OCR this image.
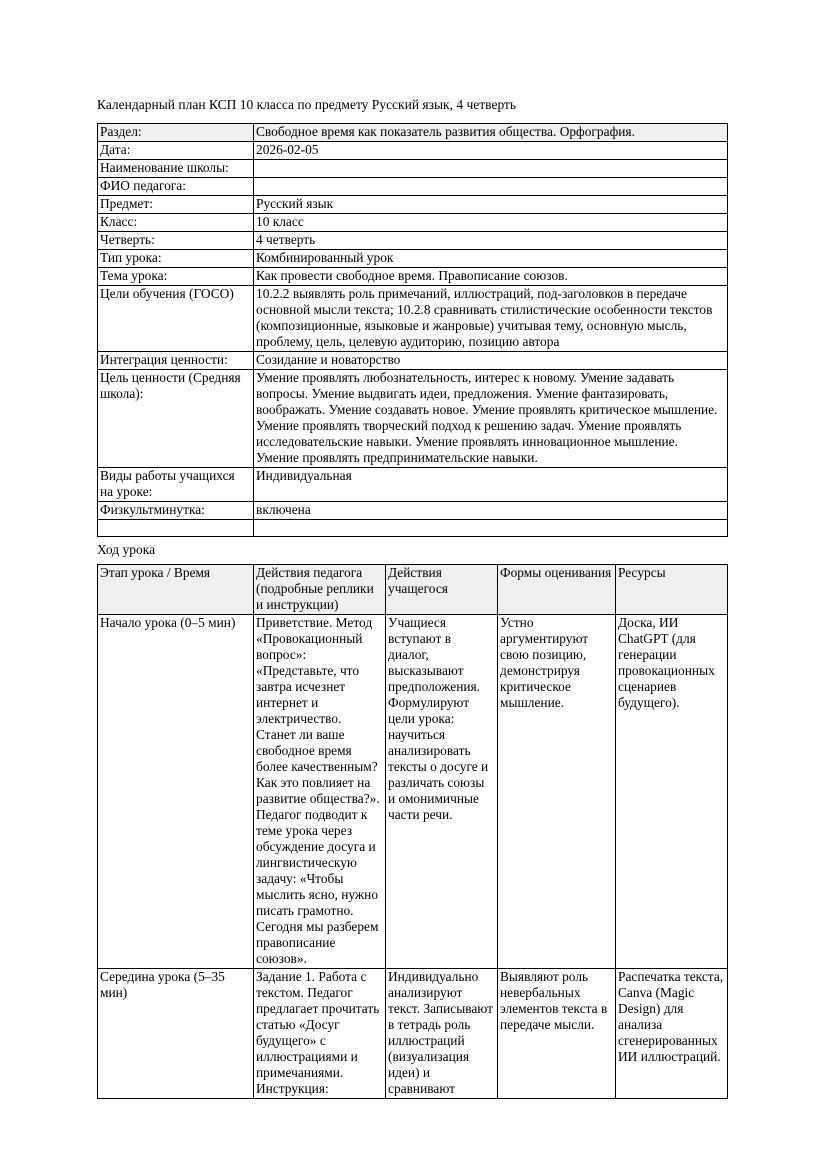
Календарный план КСП 10 класса по предмету Русский язык, 4 четверть

Раздел:	Свободное время как показатель развития общества. Орфография.
Дата:	2026-02-05
Наименование школы:	
ФИО педагога:	
Предмет:	Русский язык
Класс:	10 класс
Четверть:	4 четверть
Тип урока:	Комбинированный урок
Тема урока:	Как провести свободное время. Правописание союзов.
Цели обучения (ГОСО)	10.2.2 выявлять роль примечаний, иллюстраций, под-заголовков в передаче основной мысли текста; 10.2.8 сравнивать стилистические особенности текстов (композиционные, языковые и жанровые) учитывая тему, основную мысль, проблему, цель, целевую аудиторию, позицию автора
Интеграция ценности:	Созидание и новаторство
Цель ценности (Средняя школа):	Умение проявлять любознательность, интерес к новому. Умение задавать вопросы. Умение выдвигать идеи, предложения. Умение фантазировать, воображать. Умение создавать новое. Умение проявлять критическое мышление. Умение проявлять творческий подход к решению задач. Умение проявлять исследовательские навыки. Умение проявлять инновационное мышление. Умение проявлять предпринимательские навыки.
Виды работы учащихся на уроке:	Индивидуальная
Физкультминутка:	включена

Ход урока

Этап урока / Время	Действия педагога (подробные реплики и инструкции)	Действия учащегося	Формы оценивания	Ресурсы
Начало урока (0–5 мин)	Приветствие. Метод «Провокационный вопрос»: «Представьте, что завтра исчезнет интернет и электричество. Станет ли ваше свободное время более качественным? Как это повлияет на развитие общества?». Педагог подводит к теме урока через обсуждение досуга и лингвистическую задачу: «Чтобы мыслить ясно, нужно писать грамотно. Сегодня мы разберем правописание союзов».	Учащиеся вступают в диалог, высказывают предположения. Формулируют цели урока: научиться анализировать тексты о досуге и различать союзы и омонимичные части речи.	Устно аргументируют свою позицию, демонстрируя критическое мышление.	Доска, ИИ ChatGPT (для генерации провокационных сценариев будущего).
Середина урока (5–35 мин)	Задание 1. Работа с текстом. Педагог предлагает прочитать статью «Досуг будущего» с иллюстрациями и примечаниями. Инструкция:	Индивидуально анализируют текст. Записывают в тетрадь роль иллюстраций (визуализация идеи) и сравнивают	Выявляют роль невербальных элементов текста в передаче мысли.	Распечатка текста, Canva (Magic Design) для анализа сгенерированных ИИ иллюстраций.
